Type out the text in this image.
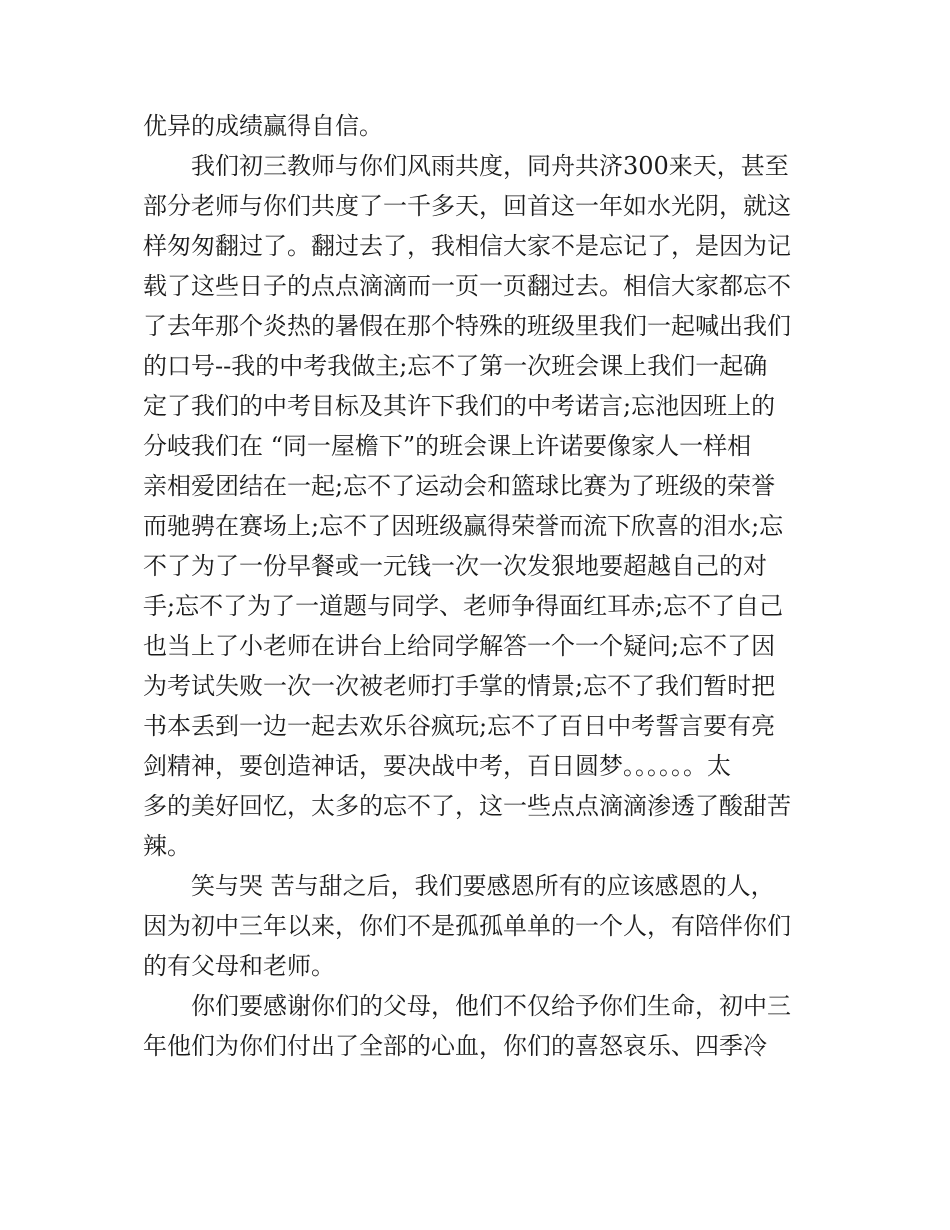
优异的成绩赢得自信。
我们初三教师与你们风雨共度，同舟共济300来天，甚至
部分老师与你们共度了一千多天，回首这一年如水光阴，就这
样匆匆翻过了。翻过去了，我相信大家不是忘记了，是因为记
载了这些日子的点点滴滴而一页一页翻过去。相信大家都忘不
了去年那个炎热的暑假在那个特殊的班级里我们一起喊出我们
的口号--我的中考我做主;忘不了第一次班会课上我们一起确
定了我们的中考目标及其许下我们的中考诺言;忘池因班上的
分岐我们在 “同一屋檐下”的班会课上许诺要像家人一样相
亲相爱团结在一起;忘不了运动会和篮球比赛为了班级的荣誉
而驰骋在赛场上;忘不了因班级赢得荣誉而流下欣喜的泪水;忘
不了为了一份早餐或一元钱一次一次发狠地要超越自己的对
手;忘不了为了一道题与同学、老师争得面红耳赤;忘不了自己
也当上了小老师在讲台上给同学解答一个一个疑问;忘不了因
为考试失败一次一次被老师打手掌的情景;忘不了我们暂时把
书本丢到一边一起去欢乐谷疯玩;忘不了百日中考誓言要有亮
剑精神，要创造神话，要决战中考，百日圆梦。。。。。。太
多的美好回忆，太多的忘不了，这一些点点滴滴渗透了酸甜苦
辣。
笑与哭 苦与甜之后，我们要感恩所有的应该感恩的人，
因为初中三年以来，你们不是孤孤单单的一个人，有陪伴你们
的有父母和老师。
你们要感谢你们的父母，他们不仅给予你们生命，初中三
年他们为你们付出了全部的心血，你们的喜怒哀乐、四季冷
